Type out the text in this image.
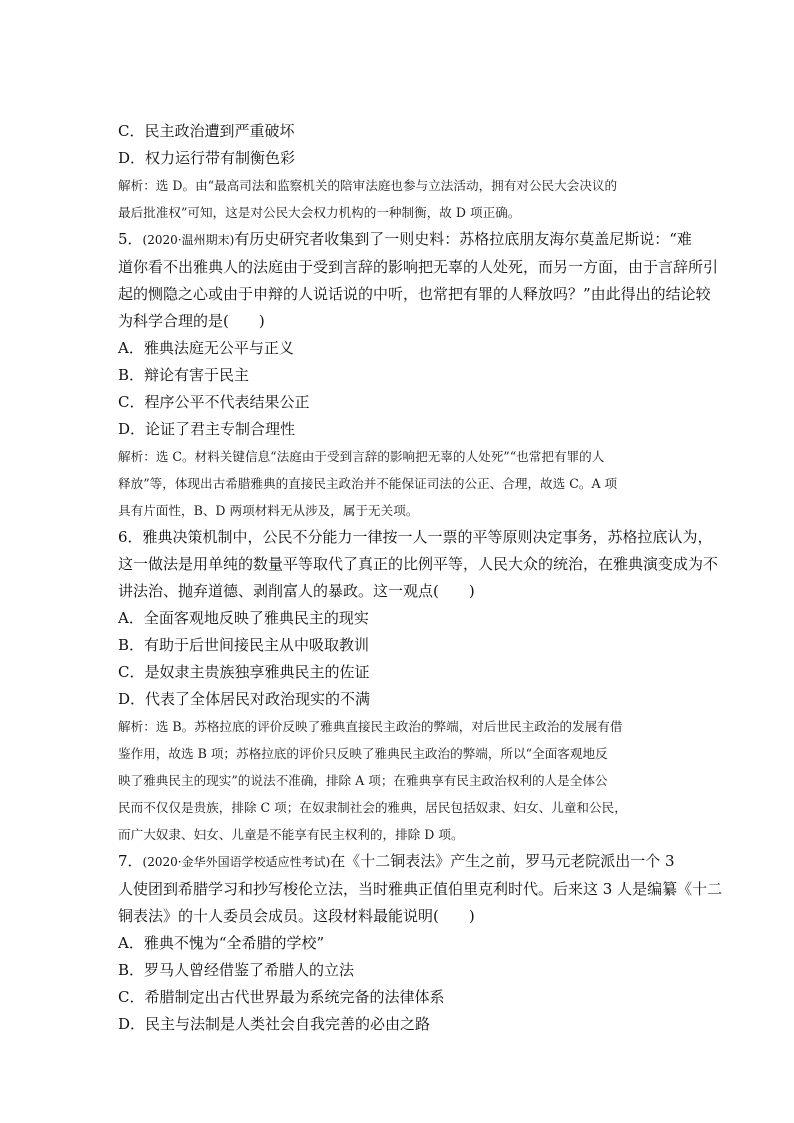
C．民主政治遭到严重破坏

D．权力运行带有制衡色彩

解析：选 D。由“最高司法和监察机关的陪审法庭也参与立法活动，拥有对公民大会决议的

最后批准权”可知，这是对公民大会权力机构的一种制衡，故 D 项正确。

5．(2020·温州期末)有历史研究者收集到了一则史料：苏格拉底朋友海尔莫盖尼斯说：“难

道你看不出雅典人的法庭由于受到言辞的影响把无辜的人处死，而另一方面，由于言辞所引

起的恻隐之心或由于申辩的人说话说的中听，也常把有罪的人释放吗？”由此得出的结论较

为科学合理的是(　　)

A．雅典法庭无公平与正义

B．辩论有害于民主

C．程序公平不代表结果公正

D．论证了君主专制合理性

解析：选 C。材料关键信息“法庭由于受到言辞的影响把无辜的人处死”“也常把有罪的人

释放”等，体现出古希腊雅典的直接民主政治并不能保证司法的公正、合理，故选 C。A 项

具有片面性，B、D 两项材料无从涉及，属于无关项。

6．雅典决策机制中，公民不分能力一律按一人一票的平等原则决定事务，苏格拉底认为，

这一做法是用单纯的数量平等取代了真正的比例平等，人民大众的统治，在雅典演变成为不

讲法治、抛弃道德、剥削富人的暴政。这一观点(　　)

A．全面客观地反映了雅典民主的现实

B．有助于后世间接民主从中吸取教训

C．是奴隶主贵族独享雅典民主的佐证

D．代表了全体居民对政治现实的不满

解析：选 B。苏格拉底的评价反映了雅典直接民主政治的弊端，对后世民主政治的发展有借

鉴作用，故选 B 项；苏格拉底的评价只反映了雅典民主政治的弊端，所以“全面客观地反

映了雅典民主的现实”的说法不准确，排除 A 项；在雅典享有民主政治权利的人是全体公

民而不仅仅是贵族，排除 C 项；在奴隶制社会的雅典，居民包括奴隶、妇女、儿童和公民，

而广大奴隶、妇女、儿童是不能享有民主权利的，排除 D 项。

7．(2020·金华外国语学校适应性考试)在《十二铜表法》产生之前，罗马元老院派出一个 3

人使团到希腊学习和抄写梭伦立法，当时雅典正值伯里克利时代。后来这 3 人是编纂《十二

铜表法》的十人委员会成员。这段材料最能说明(　　)

A．雅典不愧为“全希腊的学校”

B．罗马人曾经借鉴了希腊人的立法

C．希腊制定出古代世界最为系统完备的法律体系

D．民主与法制是人类社会自我完善的必由之路
